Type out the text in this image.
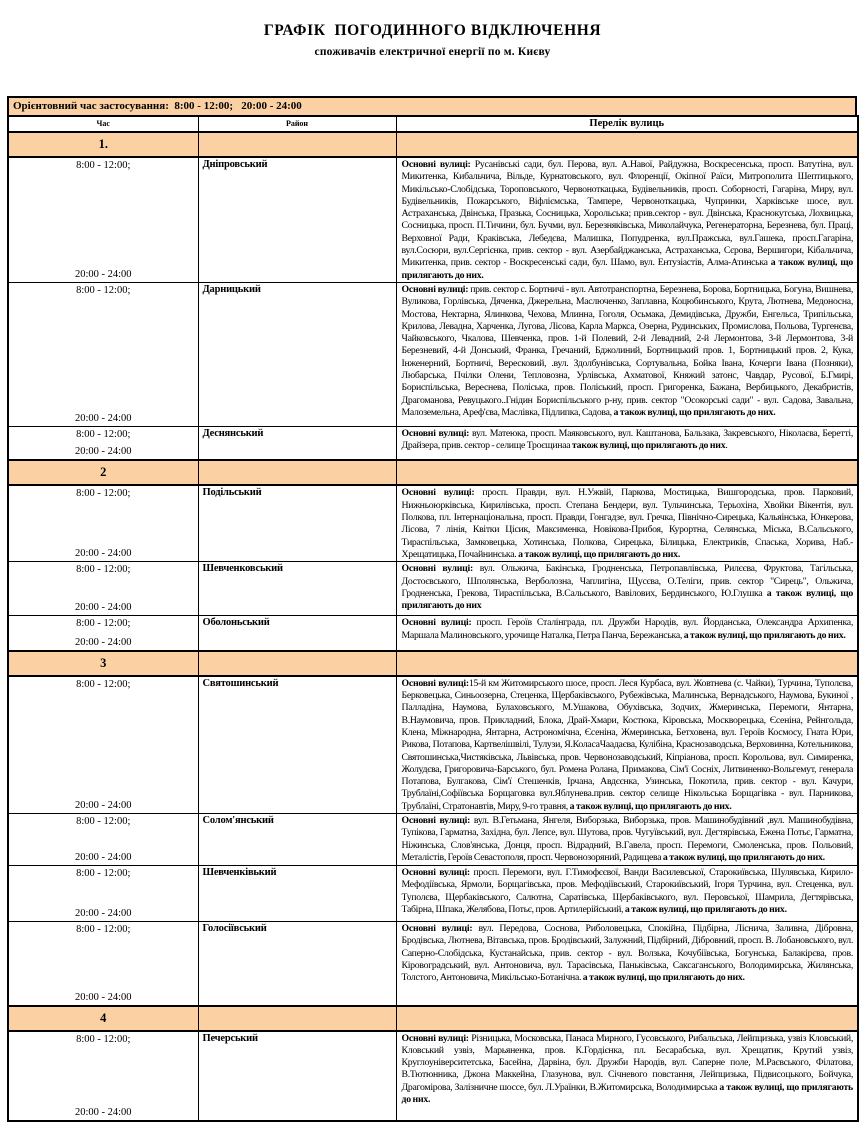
ГРАФІК  ПОГОДИННОГО ВІДКЛЮЧЕННЯ
споживачів електричної енергії по м. Києву
Орієнтовний час застосування:  8:00 - 12:00;   20:00 - 24:00
Час	Район	Перелік вулиць
1.		

8:00 - 12:00;
20:00 - 24:00	Дніпровський	Основні вулиці: Русанівські сади, бул. Перова, вул. А.Навої, Райдужна, Воскресенська, просп. Ватутіна, вул. Микитенка, Кибальчича, Вільде, Курнатовського, вул. Флоренції, Окіпної Раїси, Митрополита Шептицького, Микільсько-Слобідська, Тороповського, Червоноткацька, Будівельників, просп. Соборності, Гагаріна, Миру, вул. Будівельників, Пожарського, Віфліємська, Тампере, Червоноткацька, Чупринки, Харківське шосе, вул. Астраханська, Двінська, Празька, Сосницька, Хорольська; прив.сектор - вул. Двінська, Краснокутська, Лохвицька, Сосницька, просп. П.Тичини, бул. Бучми, вул. Березняківська, Миколайчука, Регенераторна, Березнева, бул. Праці, Верховної Ради, Краківська, Лебедєва, Малишка, Попудренка, вул.Пражська, вул.Гашека, просп.Гагаріна, вул.Сосюри, вул.Сергієнка, прив. сектор - вул. Азербайджанська, Астраханська, Сєрова, Вершигори, Кібальчича, Микитенка, прив. сектор - Воскресенські сади, бул. Шамо, вул. Ентузіастів, Алма-Атинська а також вулиці, що прилягають до них.

8:00 - 12:00;
20:00 - 24:00	Дарницький	Основні вулиці: прив. сектор с. Бортничі - вул. Автотранспортна, Березнева, Борова, Бортницька, Богуна, Вишнева, Вуликова, Горлівська, Дяченка, Джерельна, Маслюченко, Заплавна, Коцюбинського, Крута, Лютнева, Медоносна, Мостова, Нектарна, Ялинкова, Чехова, Млинна, Гоголя, Осьмака, Демидівська, Дружби, Енгельса, Трипільська, Крилова, Левадна, Харченка, Лугова, Лісова, Карла Маркса, Озерна, Рудинських, Промислова, Польова, Тургенєва, Чайковського, Чкалова, Шевченка, пров. 1-й Полевий, 2-й Левадний, 2-й Лермонтова, 3-й Лермонтова, 3-й Березневий, 4-й Донський, Франка, Гречаний, Бджолиний, Бортницький пров. 1, Бортницький пров. 2, Кука, Інженерний, Бортничі, Вересковий, .вул. Здолбунівська, Сортувальна, Бойка Івана, Кочерги Івана (Позняки), Любарська, Пчілки Олени, Тепловозна, Урлівська, Ахматової, Княжий затонс, Чавдар, Русової, Б.Гмирі, Бориспільська, Вереснева, Поліська, пров. Поліський, просп. Григоренка, Бажана, Вербицького, Декабристів, Драгоманова, Ревуцького..Гнідин Бориспільського р-ну, прив. сектор "Осокорські сади" - вул. Садова, Завальна, Малоземельна, Ареф'єва, Маслівка, Підлипка, Садова, а також вулиці, що прилягають до них.

8:00 - 12:00;
20:00 - 24:00	Деснянський	Основні вулиці: вул. Матеюка, просп. Маяковського, вул. Каштанова, Бальзака, Закревського, Ніколаєва, Беретті, Драйзера, прив. сектор - селище Троєщинаа також вулиці, що прилягають до них.
2		

8:00 - 12:00;
20:00 - 24:00	Подільський	Основні вулиці: просп. Правди, вул. Н.Ужвій, Паркова, Мостицька, Вишгородська, пров. Парковий, Нижньоюрківська, Кирилівська, просп. Степана Бендери, вул. Тульчинська, Терьохіна, Хвойки Вікентія, вул. Полкова, пл. Інтернаціональна, просп. Правди, Гонгадзе, вул. Гречка, Північно-Сирецька, Кальяінська, Юнкерова, Лісова, 7 лінія, Квітки Цісик, Максименка, Новікова-Прибоя, Курортна, Селянська, Міська, В.Сальського, Тираспільська, Замковецька, Хотинська, Полкова, Сирецька, Білицька, Електриків, Спаська, Хорива, Наб.-Хрещатицька, Почайнинська. а також вулиці, що прилягають до них.

8:00 - 12:00;
20:00 - 24:00	Шевченковський	Основні вулиці: вул. Ольжича, Бакінська, Гродненська, Петропавлівська, Рилєєва, Фруктова, Тагільська, Достоєвського, Шполянська, Верболозна, Чаплигіна, Щусєва, О.Теліги, прив. сектор "Сирець", Ольжича, Гродненська, Грекова, Тираспільська, В.Сальського, Вавілових, Бердинського, Ю.Глушка а також вулиці, що прилягають до них

8:00 - 12:00;
20:00 - 24:00	Оболоньський	Основні вулиці: просп. Героїв Сталінграда, пл. Дружби Народів, вул. Йорданська, Олександра Архипенка, Маршала Малиновського, урочище Наталка, Петра Панча, Бережанська, а також вулиці, що прилягають до них.
3		

8:00 - 12:00;
20:00 - 24:00	Святошинський	Основні вулиці:15-й км Житомирського шосе, просп. Леся Курбаса, вул. Жовтнева (с. Чайки), Турчина, Туполєва, Берковецька, Синьоозерна, Стеценка, Щербаківського, Рубежівська, Малинська, Вернадського, Наумова, Букиної , Палладіна, Наумова, Булаховського, М.Ушакова, Обухівська, Зодчих, Жмеринська, Перемоги, Янтарна, В.Наумовича, пров. Прикладний, Блока, Драй-Хмари, Костюка, Кіровська, Москворецька, Єсеніна, Рейнгольда, Клена, Міжнародна, Янтарна, Астрономічна, Єсеніна, Жмеринська, Бетховена, вул. Героїв Космосу, Гната Юри, Рикова, Потапова, Картвелішвілі, Тулузи, Я.КоласаЧаадаєва, Кулібіна, Краснозаводська, Верховинна, Котельникова, Святошинська,Чистяківська, Львівська, пров. Червонозаводський, Кіпріанова, просп. Корольова, вул. Симиренка, Жолудєва, Григоровича-Барського, бул. Ромена Ролана, Примакова, Сім'ї Сосніх, Литвиненко-Вольгемут, генерала Потапова, Булгакова, Сім'ї Стешенків, Ірчана, Авдєєнка, Узинська, Покотила, прив. сектор - вул. Качури, Трублаїні,Софіївська Борщаговка вул.Яблунева.прив. сектор селище Нікольська Борщагівка - вул. Парникова, Трублаїні, Стратонавтів, Миру, 9-го травня, а також вулиці, що прилягають до них.

8:00 - 12:00;
20:00 - 24:00	Солом'янський	Основні вулиці: вул. В.Гетьмана, Янгеля, Виборзька, Виборзька, пров. Машинобудівний ,вул. Машинобудівна, Тупікова, Гарматна, Західна, бул. Лепсе, вул. Шутова, пров. Чугуївський, вул. Дегтярівська, Ежена Потьє, Гарматна, Ніжинська, Слов'янська, Донця, просп. Відрадний, В.Гавела, просп. Перемоги, Смоленська, пров. Польовий, Металістів, Героїв Севастополя, просп. Червонозоряний, Радищева а також вулиці, що прилягають до них.

8:00 - 12:00;
20:00 - 24:00	Шевченківький	Основні вулиці: просп. Перемоги, вул. Г.Тимофєєвої, Ванди Василевської, Старокиївська, Шулявська, Кирило-Мефодіївська, Ярмоли, Борщагівська, пров. Мефодіївський, Старокиївський, Ігоря Турчина, вул. Стеценка, вул. Туполєва, Щербаківського, Салютна, Саратівська, Щербаківського, вул. Перовської, Шамрила, Дегтярівська, Табірна, Шпака, Желябова, Потьє, пров. Артилерійський, а також вулиці, що прилягають до них.

8:00 - 12:00;
20:00 - 24:00	Голосіївський	Основні вулиці: вул. Передова, Соснова, Риболовецька, Спокійна, Підбірна, Ліснича, Заливна, Дібровна, Бродівська, Лютнева, Вітавська, пров. Бродівський, Залужний, Підбірний, Дібровний, просп. В. Лобановського, вул. Саперно-Слобідська, Кустанайська, прив. сектор - вул. Волзька, Кочубіївська, Богунська, Балакірєва, пров. Кіровоградський, вул. Антоновича, вул. Тарасівська, Паньківська, Саксаганського, Володимирська, Жилянська, Толстого, Антоновича, Микільсько-Ботанічна. а також вулиці, що прилягають до них.
4		

8:00 - 12:00;
20:00 - 24:00	Печерський	Основні вулиці: Різницька, Московська, Панаса Мирного, Гусовського, Рибальська, Лейпцизька, узвіз Кловський, Кловський узвіз, Марьяненка, пров. К.Гордієнка, пл. Бесарабська, вул. Хрещатик, Крутий узвіз, Круглоуніверситетська, Басейна, Дарвіна, бул. Дружби Народів, вул. Саперне поле, М.Раєвського, Філатова, В.Тютюнника, Джона Маккейна, Глазунова, вул. Січневого повстання, Лейпцизька, Підвисоцького, Бойчука, Драгомірова, Залізничне шоссе, бул. Л.Ураїнки, В.Житомирська, Володимирська а також вулиці, що прилягають до них.
